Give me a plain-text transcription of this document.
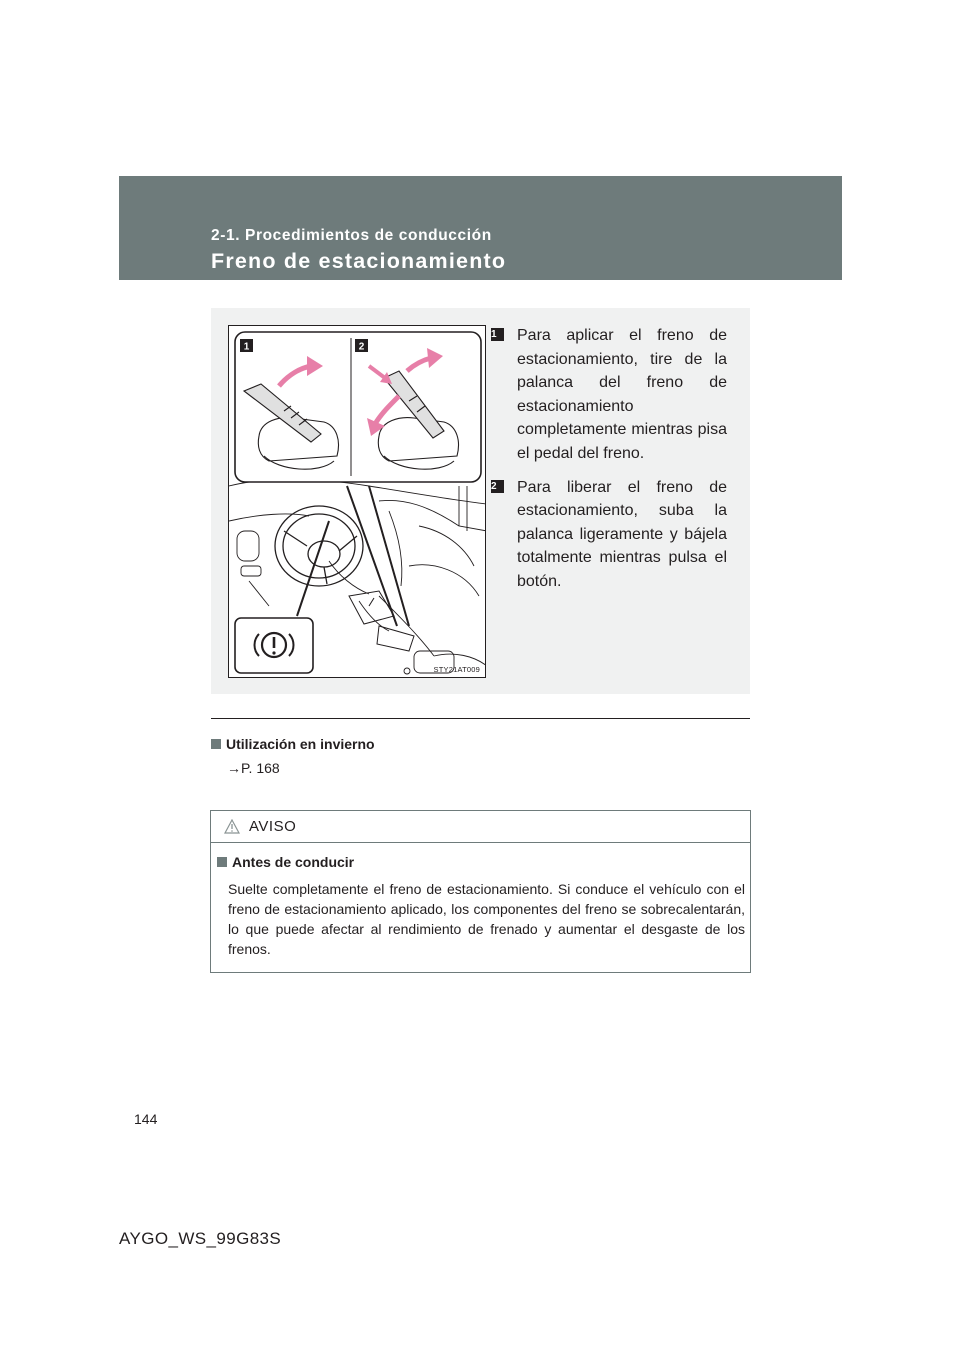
2-1. Procedimientos de conducción
Freno de estacionamiento
1	2
STY21AT009
1	Para aplicar el freno de estacionamiento, tire de la palanca del freno de estacionamiento completamente mientras pisa el pedal del freno.
2	Para liberar el freno de estacionamiento, suba la palanca ligeramente y bájela totalmente mientras pulsa el botón.
Utilización en invierno
→P. 168
AVISO
Antes de conducir
Suelte completamente el freno de estacionamiento. Si conduce el vehículo con el freno de estacionamiento aplicado, los componentes del freno se sobrecalentarán, lo que puede afectar al rendimiento de frenado y aumentar el desgaste de los frenos.
144
AYGO_WS_99G83S
